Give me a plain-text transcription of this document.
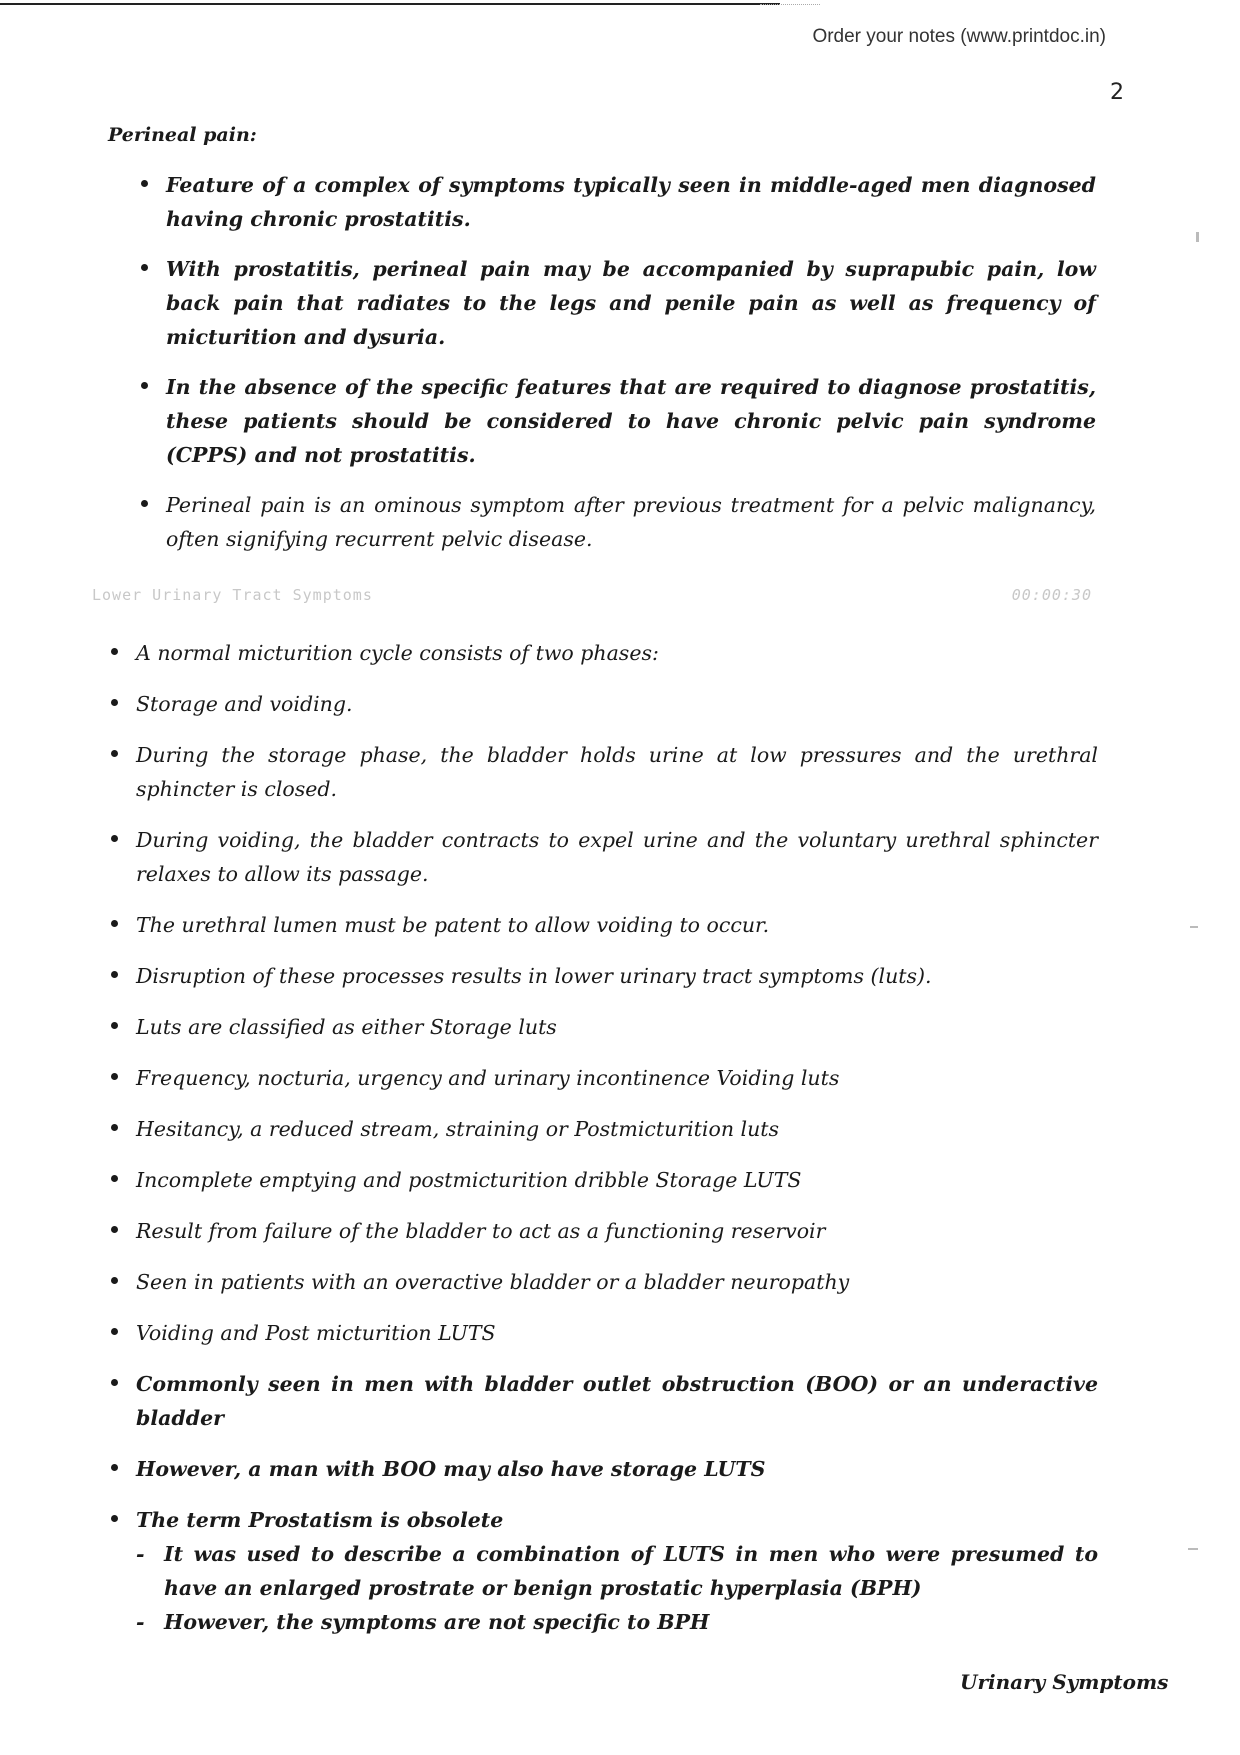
Order your notes (www.printdoc.in)
2
Perineal pain:
Feature of a complex of symptoms typically seen in middle-aged men diagnosed having chronic prostatitis.
With prostatitis, perineal pain may be accompanied by suprapubic pain, low back pain that radiates to the legs and penile pain as well as frequency of micturition and dysuria.
In the absence of the specific features that are required to diagnose prostatitis, these patients should be considered to have chronic pelvic pain syndrome (CPPS) and not prostatitis.
Perineal pain is an ominous symptom after previous treatment for a pelvic malignancy, often signifying recurrent pelvic disease.
Lower Urinary Tract Symptoms	00:00:30
A normal micturition cycle consists of two phases:
Storage and voiding.
During the storage phase, the bladder holds urine at low pressures and the urethral sphincter is closed.
During voiding, the bladder contracts to expel urine and the voluntary urethral sphincter relaxes to allow its passage.
The urethral lumen must be patent to allow voiding to occur.
Disruption of these processes results in lower urinary tract symptoms (luts).
Luts are classified as either Storage luts
Frequency, nocturia, urgency and urinary incontinence Voiding luts
Hesitancy, a reduced stream, straining or Postmicturition luts
Incomplete emptying and postmicturition dribble Storage LUTS
Result from failure of the bladder to act as a functioning reservoir
Seen in patients with an overactive bladder or a bladder neuropathy
Voiding and Post micturition LUTS
Commonly seen in men with bladder outlet obstruction (BOO) or an underactive bladder
However, a man with BOO may also have storage LUTS
The term Prostatism is obsolete
- It was used to describe a combination of LUTS in men who were presumed to have an enlarged prostrate or benign prostatic hyperplasia (BPH)
- However, the symptoms are not specific to BPH
Urinary Symptoms
